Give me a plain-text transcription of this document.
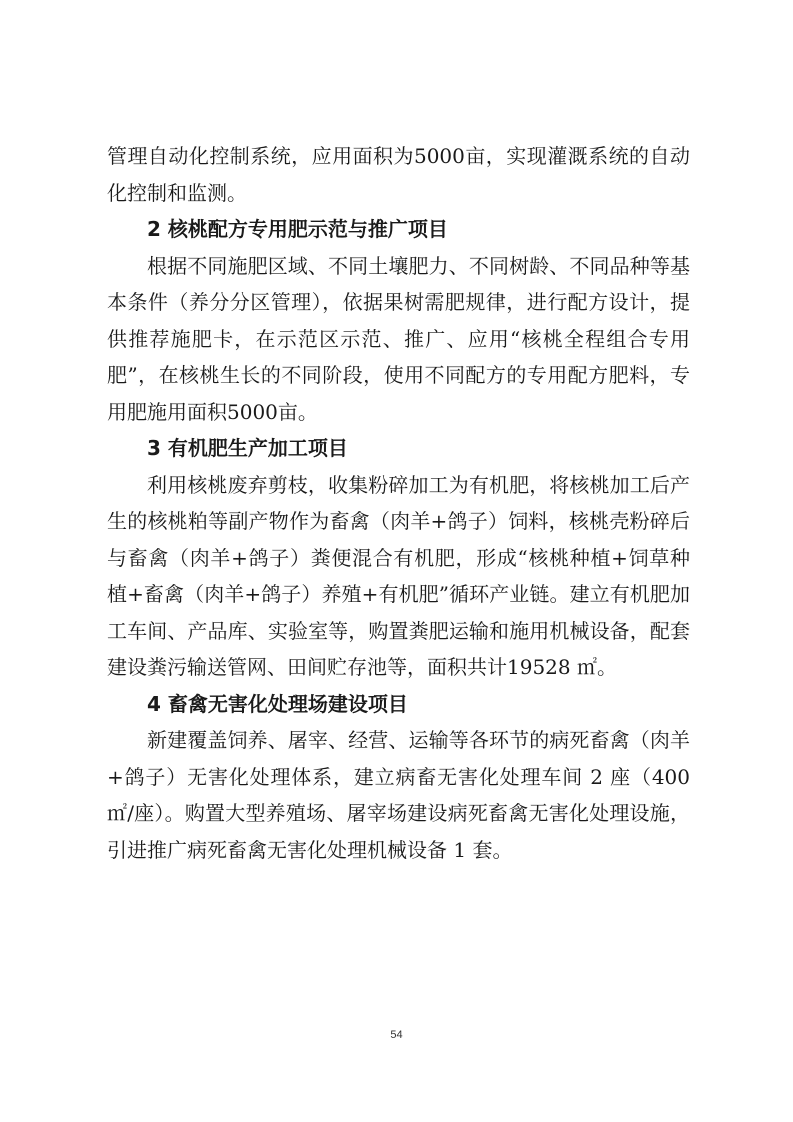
管理自动化控制系统，应用面积为5000亩，实现灌溉系统的自动化控制和监测。

2 核桃配方专用肥示范与推广项目

根据不同施肥区域、不同土壤肥力、不同树龄、不同品种等基本条件（养分分区管理），依据果树需肥规律，进行配方设计，提供推荐施肥卡，在示范区示范、推广、应用“核桃全程组合专用肥”，在核桃生长的不同阶段，使用不同配方的专用配方肥料，专用肥施用面积5000亩。

3 有机肥生产加工项目

利用核桃废弃剪枝，收集粉碎加工为有机肥，将核桃加工后产生的核桃粕等副产物作为畜禽（肉羊+鸽子）饲料，核桃壳粉碎后与畜禽（肉羊+鸽子）粪便混合有机肥，形成“核桃种植+饲草种植+畜禽（肉羊+鸽子）养殖+有机肥”循环产业链。建立有机肥加工车间、产品库、实验室等，购置粪肥运输和施用机械设备，配套建设粪污输送管网、田间贮存池等，面积共计19528 ㎡。

4 畜禽无害化处理场建设项目

新建覆盖饲养、屠宰、经营、运输等各环节的病死畜禽（肉羊+鸽子）无害化处理体系，建立病畜无害化处理车间 2 座（400㎡/座）。购置大型养殖场、屠宰场建设病死畜禽无害化处理设施，引进推广病死畜禽无害化处理机械设备 1 套。

54
